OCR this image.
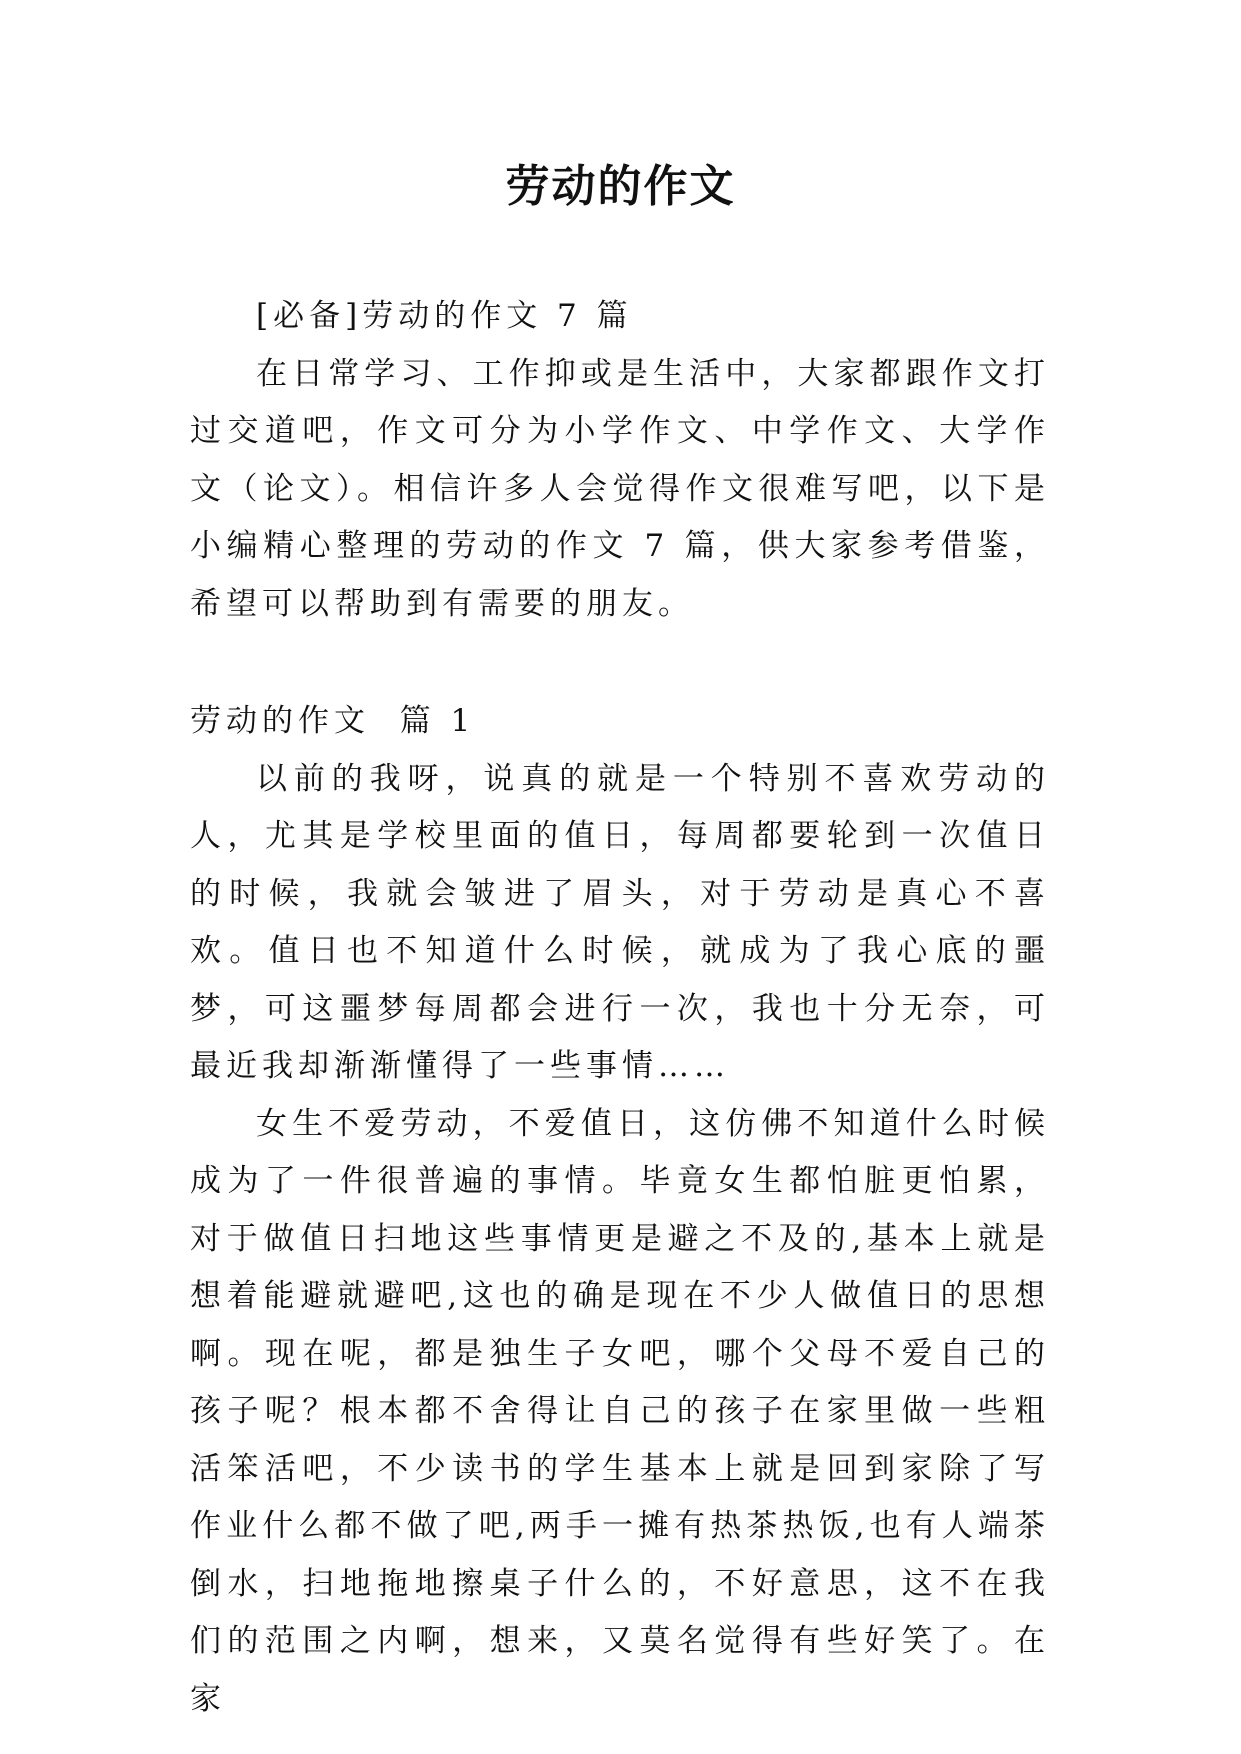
劳动的作文

[必备]劳动的作文 7 篇

在日常学习、工作抑或是生活中，大家都跟作文打过交道吧，作文可分为小学作文、中学作文、大学作文（论文）。相信许多人会觉得作文很难写吧，以下是小编精心整理的劳动的作文 7 篇，供大家参考借鉴，希望可以帮助到有需要的朋友。

劳动的作文  篇 1

以前的我呀，说真的就是一个特别不喜欢劳动的人，尤其是学校里面的值日，每周都要轮到一次值日的时候，我就会皱进了眉头，对于劳动是真心不喜欢。值日也不知道什么时候，就成为了我心底的噩梦，可这噩梦每周都会进行一次，我也十分无奈，可最近我却渐渐懂得了一些事情……

女生不爱劳动，不爱值日，这仿佛不知道什么时候成为了一件很普遍的事情。毕竟女生都怕脏更怕累，对于做值日扫地这些事情更是避之不及的,基本上就是想着能避就避吧,这也的确是现在不少人做值日的思想啊。现在呢，都是独生子女吧，哪个父母不爱自己的孩子呢？根本都不舍得让自己的孩子在家里做一些粗活笨活吧，不少读书的学生基本上就是回到家除了写作业什么都不做了吧,两手一摊有热茶热饭,也有人端茶倒水，扫地拖地擦桌子什么的，不好意思，这不在我们的范围之内啊，想来，又莫名觉得有些好笑了。在家
